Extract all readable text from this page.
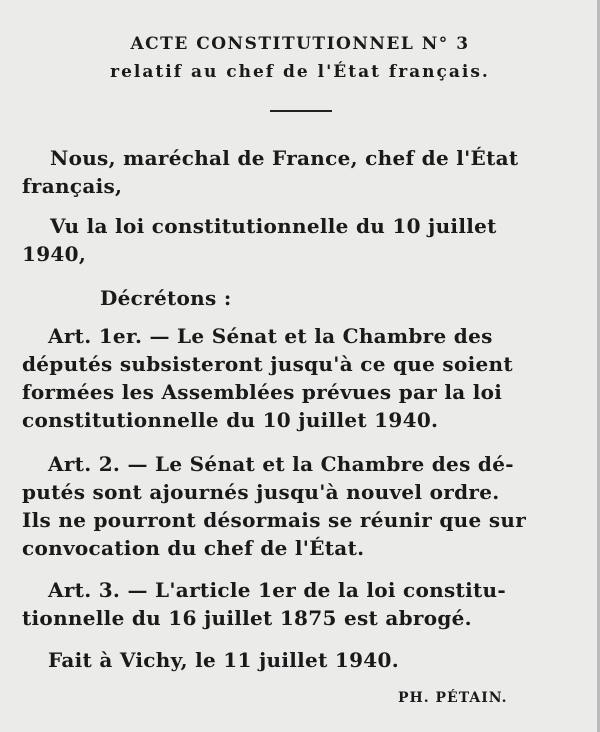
ACTE CONSTITUTIONNEL N° 3
relatif au chef de l'État français.
Nous, maréchal de France, chef de l'État
français,
Vu la loi constitutionnelle du 10 juillet
1940,
Décrétons :
Art. 1er. — Le Sénat et la Chambre des
députés subsisteront jusqu'à ce que soient
formées les Assemblées prévues par la loi
constitutionnelle du 10 juillet 1940.
Art. 2. — Le Sénat et la Chambre des dé-
putés sont ajournés jusqu'à nouvel ordre.
Ils ne pourront désormais se réunir que sur
convocation du chef de l'État.
Art. 3. — L'article 1er de la loi constitu-
tionnelle du 16 juillet 1875 est abrogé.
Fait à Vichy, le 11 juillet 1940.
PH. PÉTAIN.
